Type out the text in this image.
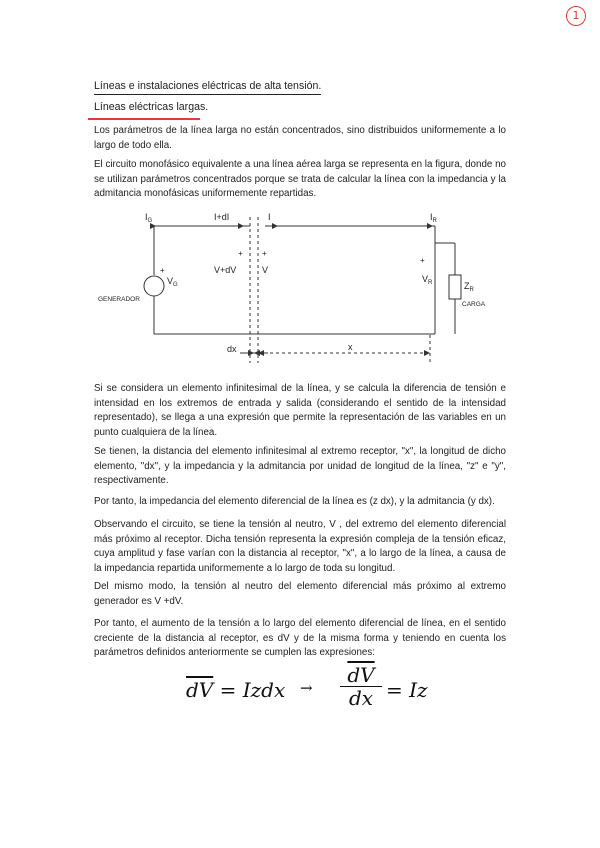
1
Líneas e instalaciones eléctricas de alta tensión.
Líneas eléctricas largas.

Los parámetros de la línea larga no están concentrados, sino distribuidos uniformemente a lo largo de todo ella.

El circuito monofásico equivalente a una línea aérea larga se representa en la figura, donde no se utilizan parámetros concentrados porque se trata de calcular la línea con la impedancia y la admitancia monofásicas uniformemente repartidas.

$I_G$	I+dI	I	$I_R$
+ +
+
+
$V_G$
V+dV	V
$V_R$	$Z_R$
GENERADOR
CARGA
dx	x

Si se considera un elemento infinitesimal de la línea, y se calcula la diferencia de tensión e intensidad en los extremos de entrada y salida (considerando el sentido de la intensidad representado), se llega a una expresión que permite la representación de las variables en un punto cualquiera de la línea.

Se tienen, la distancia del elemento infinitesimal al extremo receptor, "x", la longitud de dicho elemento, "dx", y la impedancia y la admitancia por unidad de longitud de la línea, "z" e "y", respectivamente.

Por tanto, la impedancia del elemento diferencial de la línea es (z dx), y la admitancia (y dx).

Observando el circuito, se tiene la tensión al neutro, V , del extremo del elemento diferencial más próximo al receptor. Dicha tensión representa la expresión compleja de la tensión eficaz, cuya amplitud y fase varían con la distancia al receptor, "x", a lo largo de la línea, a causa de la impedancia repartida uniformemente a lo largo de toda su longitud.

Del mismo modo, la tensión al neutro del elemento diferencial más próximo al extremo generador es V +dV.

Por tanto, el aumento de la tensión a lo largo del elemento diferencial de línea, en el sentido creciente de la distancia al receptor, es dV y de la misma forma y teniendo en cuenta los parámetros definidos anteriormente se cumplen las expresiones:

$\overline{dV}$ = Izdx → $\frac{\overline{dV}}{dx} = Iz$
